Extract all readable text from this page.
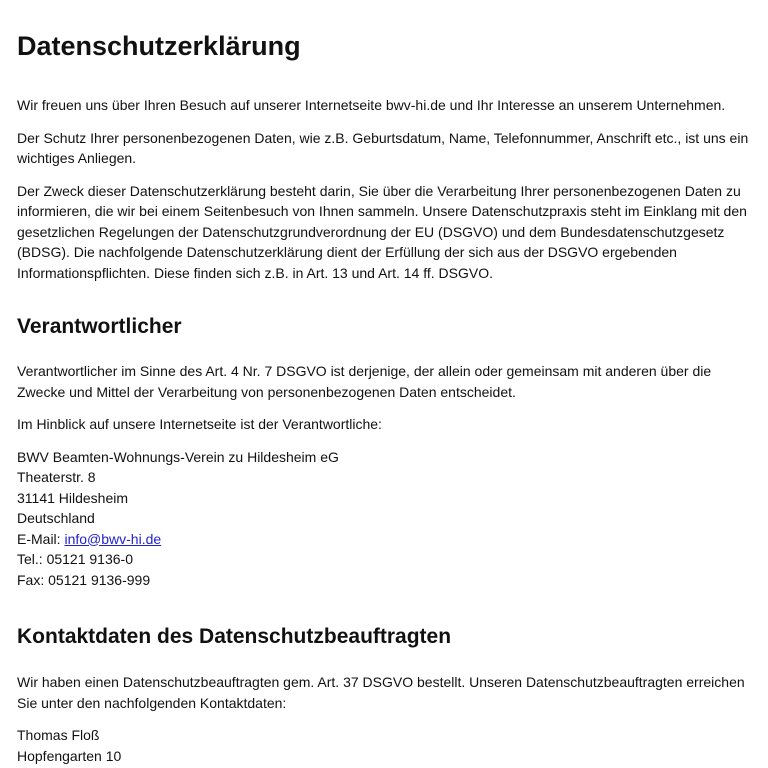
Datenschutzerklärung

Wir freuen uns über Ihren Besuch auf unserer Internetseite bwv-hi.de und Ihr Interesse an unserem Unternehmen.

Der Schutz Ihrer personenbezogenen Daten, wie z.B. Geburtsdatum, Name, Telefonnummer, Anschrift etc., ist uns ein wichtiges Anliegen.

Der Zweck dieser Datenschutzerklärung besteht darin, Sie über die Verarbeitung Ihrer personenbezogenen Daten zu informieren, die wir bei einem Seitenbesuch von Ihnen sammeln. Unsere Datenschutzpraxis steht im Einklang mit den gesetzlichen Regelungen der Datenschutzgrundverordnung der EU (DSGVO) und dem Bundesdatenschutzgesetz (BDSG). Die nachfolgende Datenschutzerklärung dient der Erfüllung der sich aus der DSGVO ergebenden Informationspflichten. Diese finden sich z.B. in Art. 13 und Art. 14 ff. DSGVO.

Verantwortlicher

Verantwortlicher im Sinne des Art. 4 Nr. 7 DSGVO ist derjenige, der allein oder gemeinsam mit anderen über die Zwecke und Mittel der Verarbeitung von personenbezogenen Daten entscheidet.

Im Hinblick auf unsere Internetseite ist der Verantwortliche:

BWV Beamten-Wohnungs-Verein zu Hildesheim eG
Theaterstr. 8
31141 Hildesheim
Deutschland
E-Mail: info@bwv-hi.de
Tel.: 05121 9136-0
Fax: 05121 9136-999
Kontaktdaten des Datenschutzbeauftragten

Wir haben einen Datenschutzbeauftragten gem. Art. 37 DSGVO bestellt. Unseren Datenschutzbeauftragten erreichen Sie unter den nachfolgenden Kontaktdaten:

Thomas Floß
Hopfengarten 10
